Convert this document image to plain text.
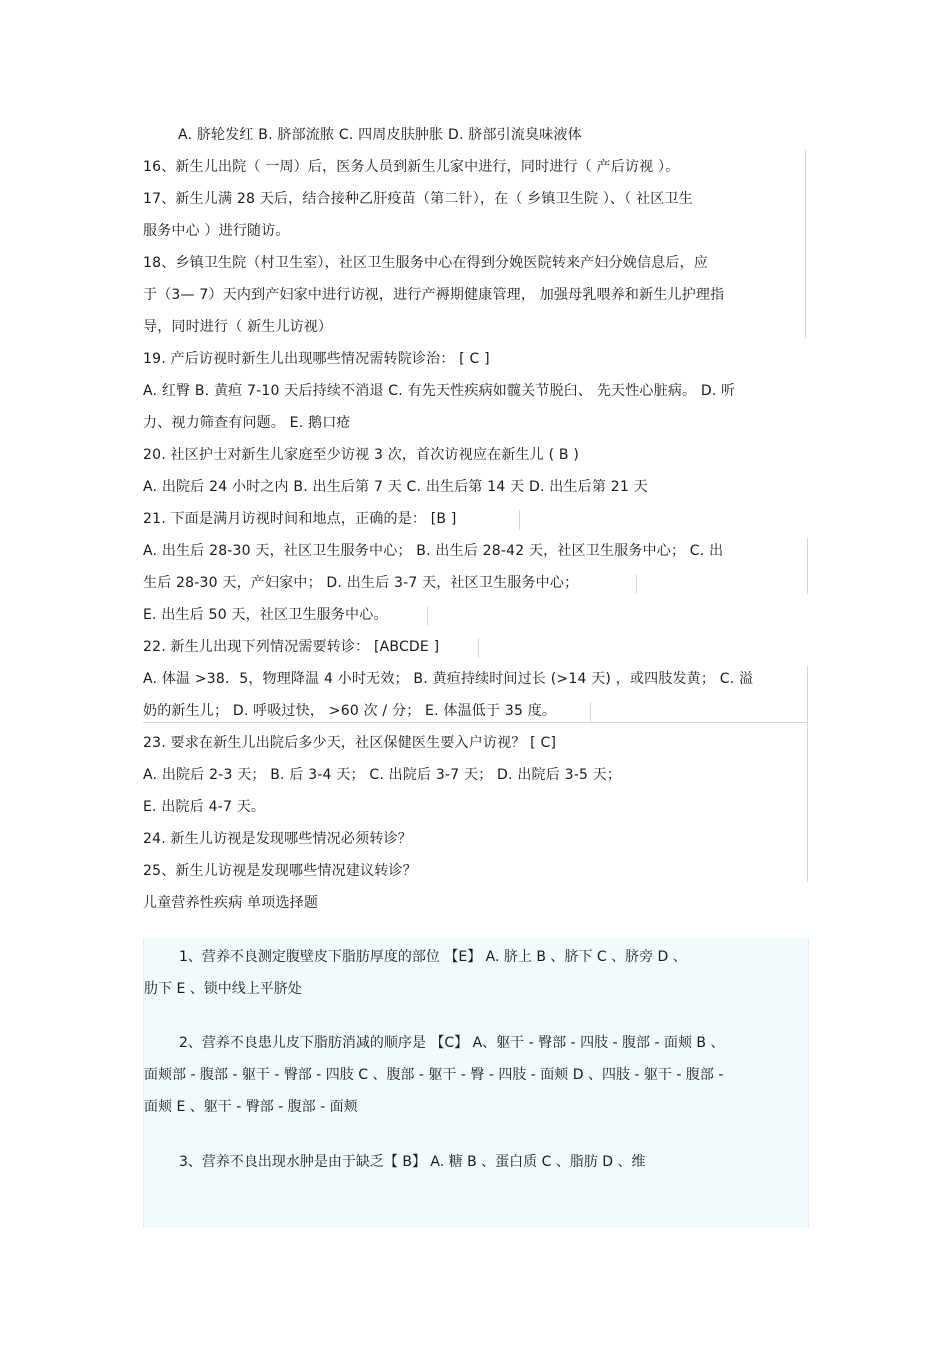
A. 脐轮发红 B. 脐部流脓 C. 四周皮肤肿胀 D. 脐部引流臭味液体
16、新生儿出院（ 一周）后，医务人员到新生儿家中进行，同时进行（ 产后访视 ）。
17、新生儿满 28 天后，结合接种乙肝疫苗（第二针），在（ 乡镇卫生院 ）、（ 社区卫生
服务中心 ）进行随访。
18、乡镇卫生院（村卫生室），社区卫生服务中心在得到分娩医院转来产妇分娩信息后，应
于（3— 7）天内到产妇家中进行访视，进行产褥期健康管理， 加强母乳喂养和新生儿护理指
导，同时进行（ 新生儿访视）
19. 产后访视时新生儿出现哪些情况需转院诊治： [ C ]
A. 红臀 B. 黄疸 7-10 天后持续不消退 C. 有先天性疾病如髋关节脱臼、 先天性心脏病。 D. 听
力、视力筛查有问题。 E. 鹅口疮
20. 社区护士对新生儿家庭至少访视 3 次，首次访视应在新生儿 ( B )
A. 出院后 24 小时之内 B. 出生后第 7 天 C. 出生后第 14 天 D. 出生后第 21 天
21. 下面是满月访视时间和地点，正确的是： [B ]
A. 出生后 28-30 天，社区卫生服务中心； B. 出生后 28-42 天，社区卫生服务中心； C. 出
生后 28-30 天，产妇家中； D. 出生后 3-7 天，社区卫生服务中心；
E. 出生后 50 天，社区卫生服务中心。
22. 新生儿出现下列情况需要转诊： [ABCDE ]
A. 体温 >38．5，物理降温 4 小时无效； B. 黄疸持续时间过长 (>14 天) ，或四肢发黄； C. 溢
奶的新生儿； D. 呼吸过快， >60 次 / 分； E. 体温低于 35 度。
23. 要求在新生儿出院后多少天，社区保健医生要入户访视？ [ C]
A. 出院后 2-3 天； B. 后 3-4 天； C. 出院后 3-7 天； D. 出院后 3-5 天；
E. 出院后 4-7 天。
24. 新生儿访视是发现哪些情况必须转诊？
25、新生儿访视是发现哪些情况建议转诊？
儿童营养性疾病 单项选择题
1、营养不良测定腹壁皮下脂肪厚度的部位 【E】 A. 脐上 B 、脐下 C 、脐旁 D 、
肋下 E 、锁中线上平脐处
2、营养不良患儿皮下脂肪消减的顺序是 【C】 A、躯干 - 臀部 - 四肢 - 腹部 - 面颊 B 、
面颊部 - 腹部 - 躯干 - 臀部 - 四肢 C 、腹部 - 躯干 - 臀 - 四肢 - 面颊 D 、四肢 - 躯干 - 腹部 -
面颊 E 、躯干 - 臀部 - 腹部 - 面颊
3、营养不良出现水肿是由于缺乏【 B】 A. 糖 B 、蛋白质 C 、脂肪 D 、维
